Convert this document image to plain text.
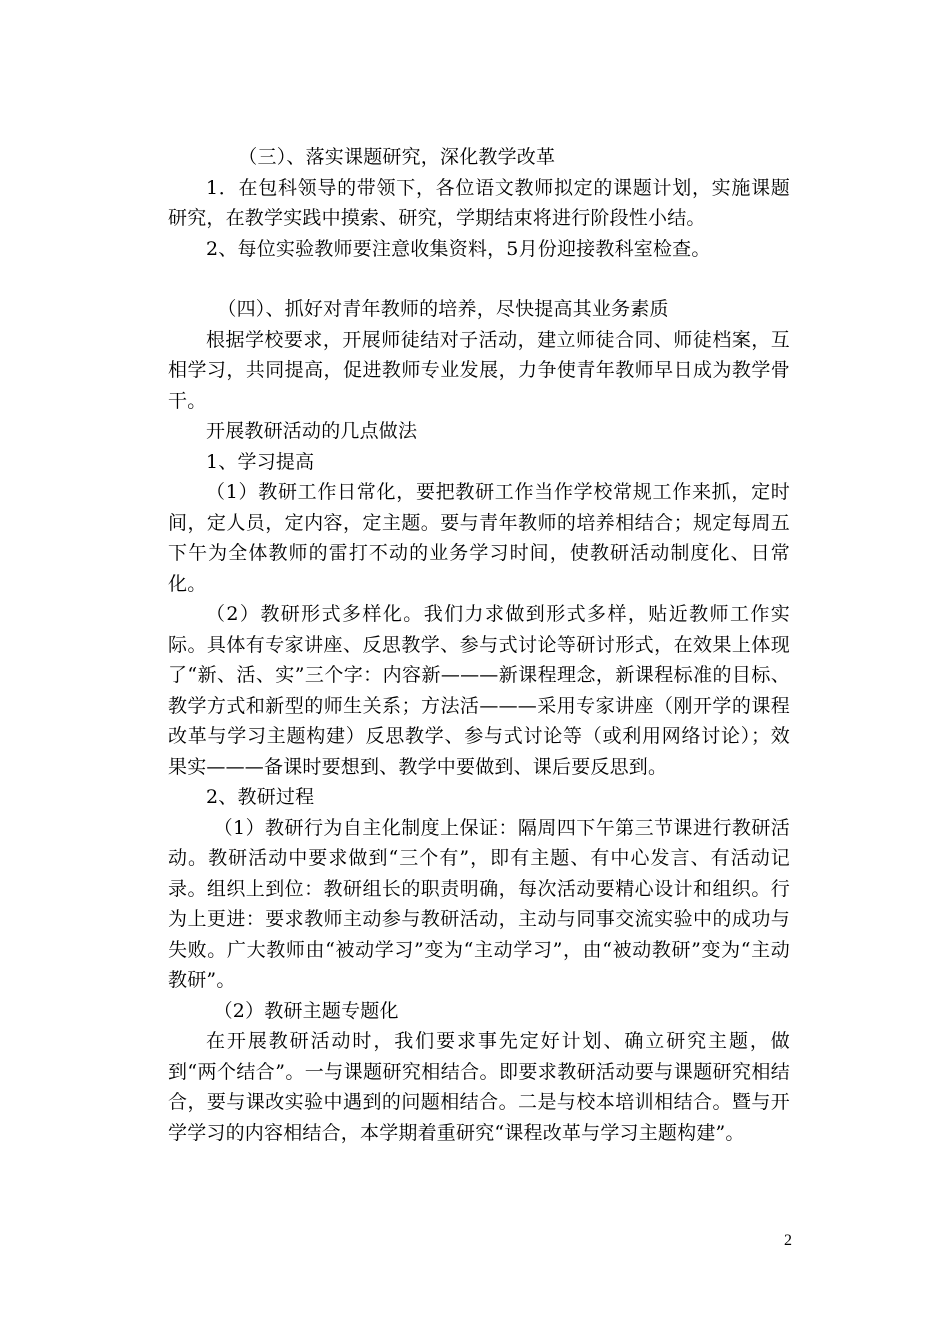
（三）、落实课题研究，深化教学改革

1．在包科领导的带领下，各位语文教师拟定的课题计划，实施课题研究，在教学实践中摸索、研究，学期结束将进行阶段性小结。

2、每位实验教师要注意收集资料，5月份迎接教科室检查。

（四）、抓好对青年教师的培养，尽快提高其业务素质

根据学校要求，开展师徒结对子活动，建立师徒合同、师徒档案，互相学习，共同提高，促进教师专业发展，力争使青年教师早日成为教学骨干。

开展教研活动的几点做法

1、学习提高

（1）教研工作日常化，要把教研工作当作学校常规工作来抓，定时间，定人员，定内容，定主题。要与青年教师的培养相结合；规定每周五下午为全体教师的雷打不动的业务学习时间，使教研活动制度化、日常化。

（2）教研形式多样化。我们力求做到形式多样，贴近教师工作实际。具体有专家讲座、反思教学、参与式讨论等研讨形式，在效果上体现了“新、活、实”三个字：内容新———新课程理念，新课程标准的目标、教学方式和新型的师生关系；方法活———采用专家讲座（刚开学的课程改革与学习主题构建）反思教学、参与式讨论等（或利用网络讨论）；效果实———备课时要想到、教学中要做到、课后要反思到。

2、教研过程

（1）教研行为自主化制度上保证：隔周四下午第三节课进行教研活动。教研活动中要求做到“三个有”，即有主题、有中心发言、有活动记录。组织上到位：教研组长的职责明确，每次活动要精心设计和组织。行为上更进：要求教师主动参与教研活动，主动与同事交流实验中的成功与失败。广大教师由“被动学习”变为“主动学习”，由“被动教研”变为“主动教研”。

（2）教研主题专题化

在开展教研活动时，我们要求事先定好计划、确立研究主题，做到“两个结合”。一与课题研究相结合。即要求教研活动要与课题研究相结合，要与课改实验中遇到的问题相结合。二是与校本培训相结合。暨与开学学习的内容相结合，本学期着重研究“课程改革与学习主题构建”。

2
